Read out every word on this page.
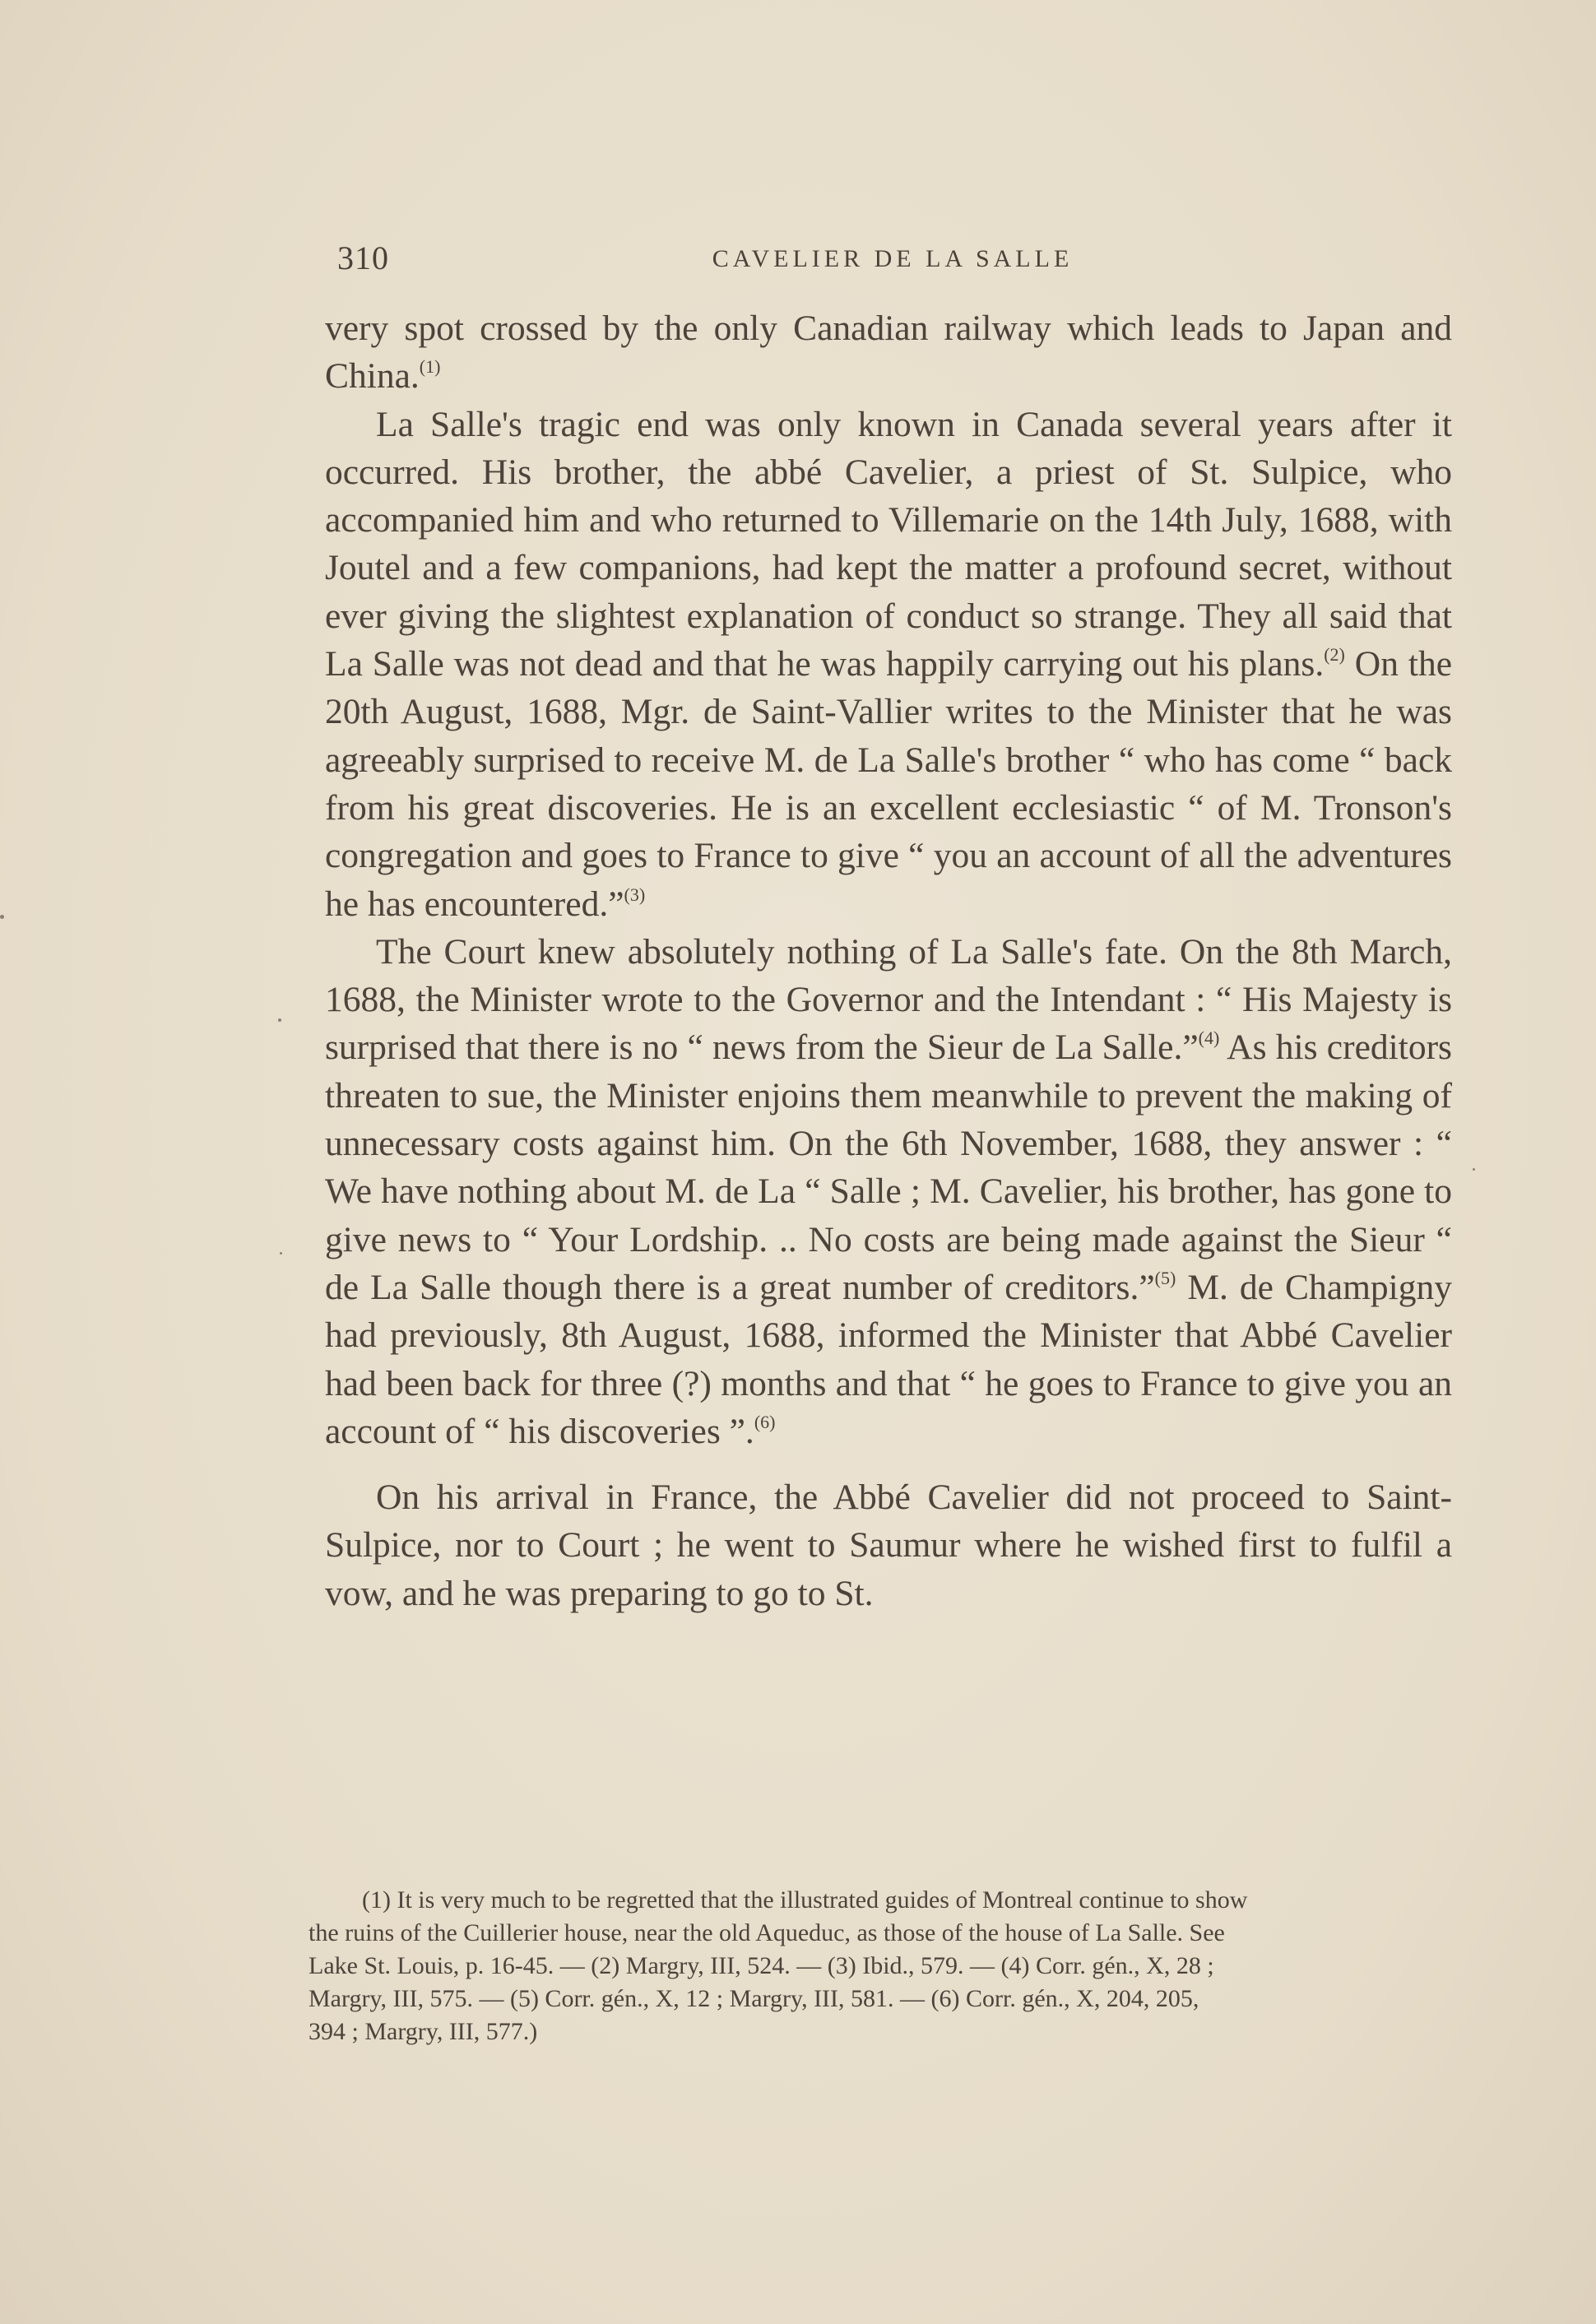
310	CAVELIER DE LA SALLE

very spot crossed by the only Canadian railway which leads to Japan and China.$^{(1)}$

La Salle's tragic end was only known in Canada several years after it occurred. His brother, the abbé Cavelier, a priest of St. Sulpice, who accompanied him and who returned to Villemarie on the 14th July, 1688, with Joutel and a few companions, had kept the matter a profound secret, without ever giving the slightest explanation of conduct so strange. They all said that La Salle was not dead and that he was happily carrying out his plans.$^{(2)}$ On the 20th August, 1688, Mgr. de Saint-Vallier writes to the Minister that he was agreeably surprised to receive M. de La Salle's brother “ who has come “ back from his great discoveries. He is an excellent ecclesiastic “ of M. Tronson's congregation and goes to France to give “ you an account of all the adventures he has encountered.”$^{(3)}$

The Court knew absolutely nothing of La Salle's fate. On the 8th March, 1688, the Minister wrote to the Governor and the Intendant : “ His Majesty is surprised that there is no “ news from the Sieur de La Salle.”$^{(4)}$ As his creditors threaten to sue, the Minister enjoins them meanwhile to prevent the making of unnecessary costs against him. On the 6th November, 1688, they answer : “ We have nothing about M. de La “ Salle ; M. Cavelier, his brother, has gone to give news to “ Your Lordship. .. No costs are being made against the Sieur “ de La Salle though there is a great number of creditors.”$^{(5)}$ M. de Champigny had previously, 8th August, 1688, informed the Minister that Abbé Cavelier had been back for three (?) months and that “ he goes to France to give you an account of “ his discoveries ”.$^{(6)}$

On his arrival in France, the Abbé Cavelier did not proceed to Saint-Sulpice, nor to Court ; he went to Saumur where he wished first to fulfil a vow, and he was preparing to go to St.

(1) It is very much to be regretted that the illustrated guides of Montreal continue to show
the ruins of the Cuillerier house, near the old Aqueduc, as those of the house of La Salle. See
Lake St. Louis, p. 16-45. — (2) Margry, III, 524. — (3) Ibid., 579. — (4) Corr. gén., X, 28 ;
Margry, III, 575. — (5) Corr. gén., X, 12 ; Margry, III, 581. — (6) Corr. gén., X, 204, 205,
394 ; Margry, III, 577.)
